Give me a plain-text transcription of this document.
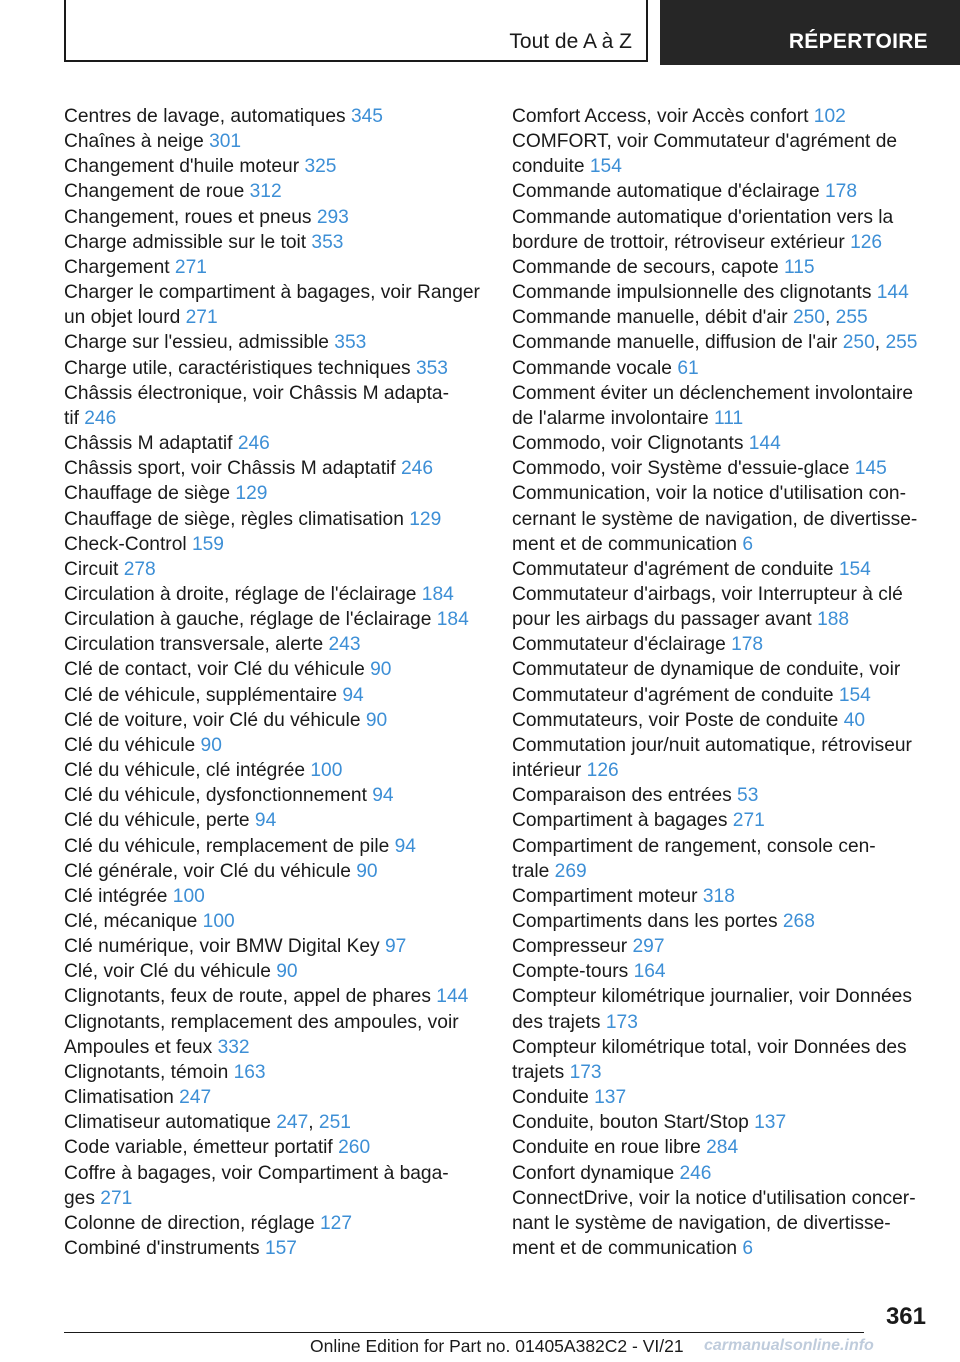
Tout de A à Z	RÉPERTOIRE
Centres de lavage, automatiques 345
Chaînes à neige 301
Changement d'huile moteur 325
Changement de roue 312
Changement, roues et pneus 293
Charge admissible sur le toit 353
Chargement 271
Charger le compartiment à bagages, voir Ranger
un objet lourd 271
Charge sur l'essieu, admissible 353
Charge utile, caractéristiques techniques 353
Châssis électronique, voir Châssis M adapta-
tif 246
Châssis M adaptatif 246
Châssis sport, voir Châssis M adaptatif 246
Chauffage de siège 129
Chauffage de siège, règles climatisation 129
Check-Control 159
Circuit 278
Circulation à droite, réglage de l'éclairage 184
Circulation à gauche, réglage de l'éclairage 184
Circulation transversale, alerte 243
Clé de contact, voir Clé du véhicule 90
Clé de véhicule, supplémentaire 94
Clé de voiture, voir Clé du véhicule 90
Clé du véhicule 90
Clé du véhicule, clé intégrée 100
Clé du véhicule, dysfonctionnement 94
Clé du véhicule, perte 94
Clé du véhicule, remplacement de pile 94
Clé générale, voir Clé du véhicule 90
Clé intégrée 100
Clé, mécanique 100
Clé numérique, voir BMW Digital Key 97
Clé, voir Clé du véhicule 90
Clignotants, feux de route, appel de phares 144
Clignotants, remplacement des ampoules, voir
Ampoules et feux 332
Clignotants, témoin 163
Climatisation 247
Climatiseur automatique 247, 251
Code variable, émetteur portatif 260
Coffre à bagages, voir Compartiment à baga-
ges 271
Colonne de direction, réglage 127
Combiné d'instruments 157
Comfort Access, voir Accès confort 102
COMFORT, voir Commutateur d'agrément de
conduite 154
Commande automatique d'éclairage 178
Commande automatique d'orientation vers la
bordure de trottoir, rétroviseur extérieur 126
Commande de secours, capote 115
Commande impulsionnelle des clignotants 144
Commande manuelle, débit d'air 250, 255
Commande manuelle, diffusion de l'air 250, 255
Commande vocale 61
Comment éviter un déclenchement involontaire
de l'alarme involontaire 111
Commodo, voir Clignotants 144
Commodo, voir Système d'essuie-glace 145
Communication, voir la notice d'utilisation con-
cernant le système de navigation, de divertisse-
ment et de communication 6
Commutateur d'agrément de conduite 154
Commutateur d'airbags, voir Interrupteur à clé
pour les airbags du passager avant 188
Commutateur d'éclairage 178
Commutateur de dynamique de conduite, voir
Commutateur d'agrément de conduite 154
Commutateurs, voir Poste de conduite 40
Commutation jour/nuit automatique, rétroviseur
intérieur 126
Comparaison des entrées 53
Compartiment à bagages 271
Compartiment de rangement, console cen-
trale 269
Compartiment moteur 318
Compartiments dans les portes 268
Compresseur 297
Compte-tours 164
Compteur kilométrique journalier, voir Données
des trajets 173
Compteur kilométrique total, voir Données des
trajets 173
Conduite 137
Conduite, bouton Start/Stop 137
Conduite en roue libre 284
Confort dynamique 246
ConnectDrive, voir la notice d'utilisation concer-
nant le système de navigation, de divertisse-
ment et de communication 6
361
Online Edition for Part no. 01405A382C2 - VI/21 carmanualsonline.info
